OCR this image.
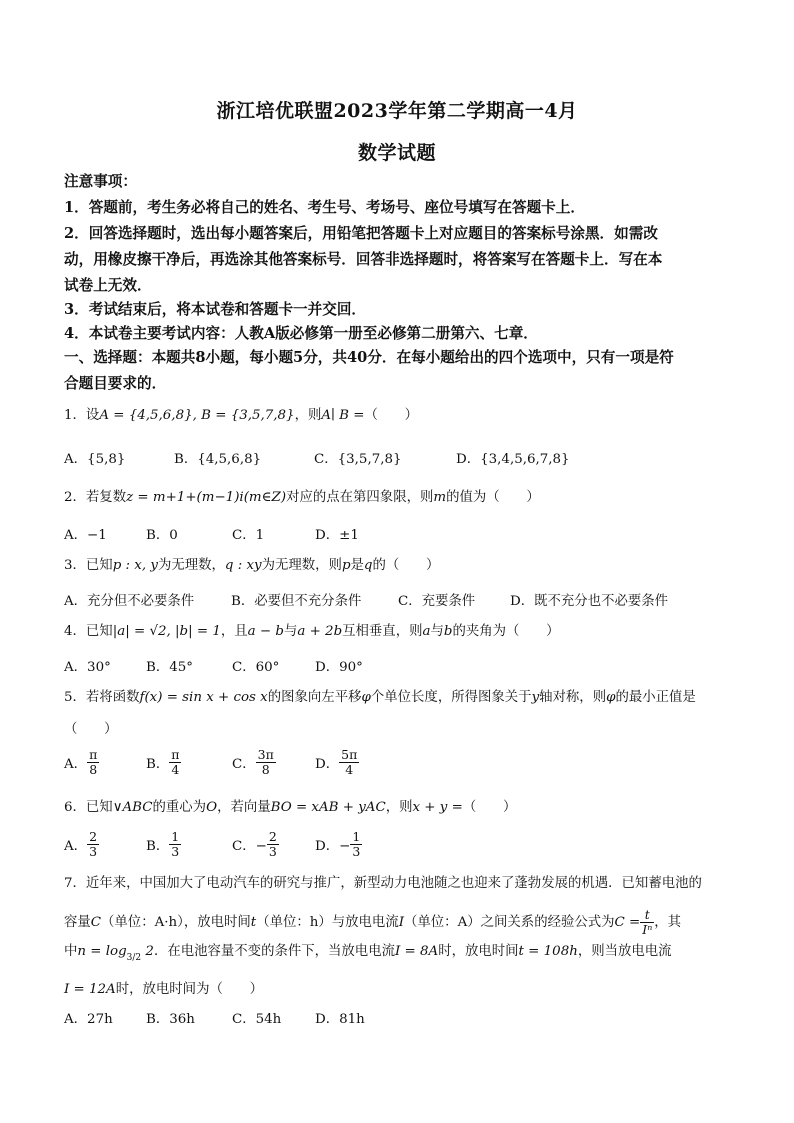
浙江培优联盟2023学年第二学期高一4月
数学试题
注意事项：
1．答题前，考生务必将自己的姓名、考生号、考场号、座位号填写在答题卡上．
2．回答选择题时，选出每小题答案后，用铅笔把答题卡上对应题目的答案标号涂黑．如需改
动，用橡皮擦干净后，再选涂其他答案标号．回答非选择题时，将答案写在答题卡上．写在本
试卷上无效．
3．考试结束后，将本试卷和答题卡一并交回．
4．本试卷主要考试内容：人教A版必修第一册至必修第二册第六、七章．
一、选择题：本题共8小题，每小题5分，共40分．在每小题给出的四个选项中，只有一项是符
合题目要求的．
1．设A = {4,5,6,8}, B = {3,5,7,8}，则A∣ B =（　　）
A．{5,8}	B．{4,5,6,8}	C．{3,5,7,8}	D．{3,4,5,6,7,8}
2．若复数z = m+1+(m−1)i(m∈Z)对应的点在第四象限，则m的值为（　　）
A．−1	B．0	C．1	D．±1
3．已知p : x, y为无理数，q : xy为无理数，则p是q的（　　）
A．充分但不必要条件	B．必要但不充分条件	C．充要条件	D．既不充分也不必要条件
4．已知|a| = √2, |b| = 1，且a − b与a + 2b互相垂直，则a与b的夹角为（　　）
A．30°	B．45°	C．60°	D．90°
5．若将函数f(x) = sin x + cos x的图象向左平移φ个单位长度，所得图象关于y轴对称，则φ的最小正值是
（　　）
A． $\frac{\pi}{8}$	B． $\frac{\pi}{4}$	C． $\frac{3\pi}{8}$	D． $\frac{5\pi}{4}$
6．已知∨ABC的重心为O，若向量BO = xAB + yAC，则x + y =（　　）
A． $\frac{2}{3}$	B． $\frac{1}{3}$	C．− $\frac{2}{3}$	D．− $\frac{1}{3}$
7．近年来，中国加大了电动汽车的研究与推广，新型动力电池随之也迎来了蓬勃发展的机遇．已知蓄电池的
容量C（单位：A·h），放电时间t（单位：h）与放电电流I（单位：A）之间关系的经验公式为$C = \frac{t}{\text{Iⁿ}}$ ，其
中$n = \log_{3/2} 2$．在电池容量不变的条件下，当放电电流I = 8A时，放电时间t = 108h，则当放电电流
I = 12A时，放电时间为（　　）
A．27h B．36h	C．54h	D．81h
